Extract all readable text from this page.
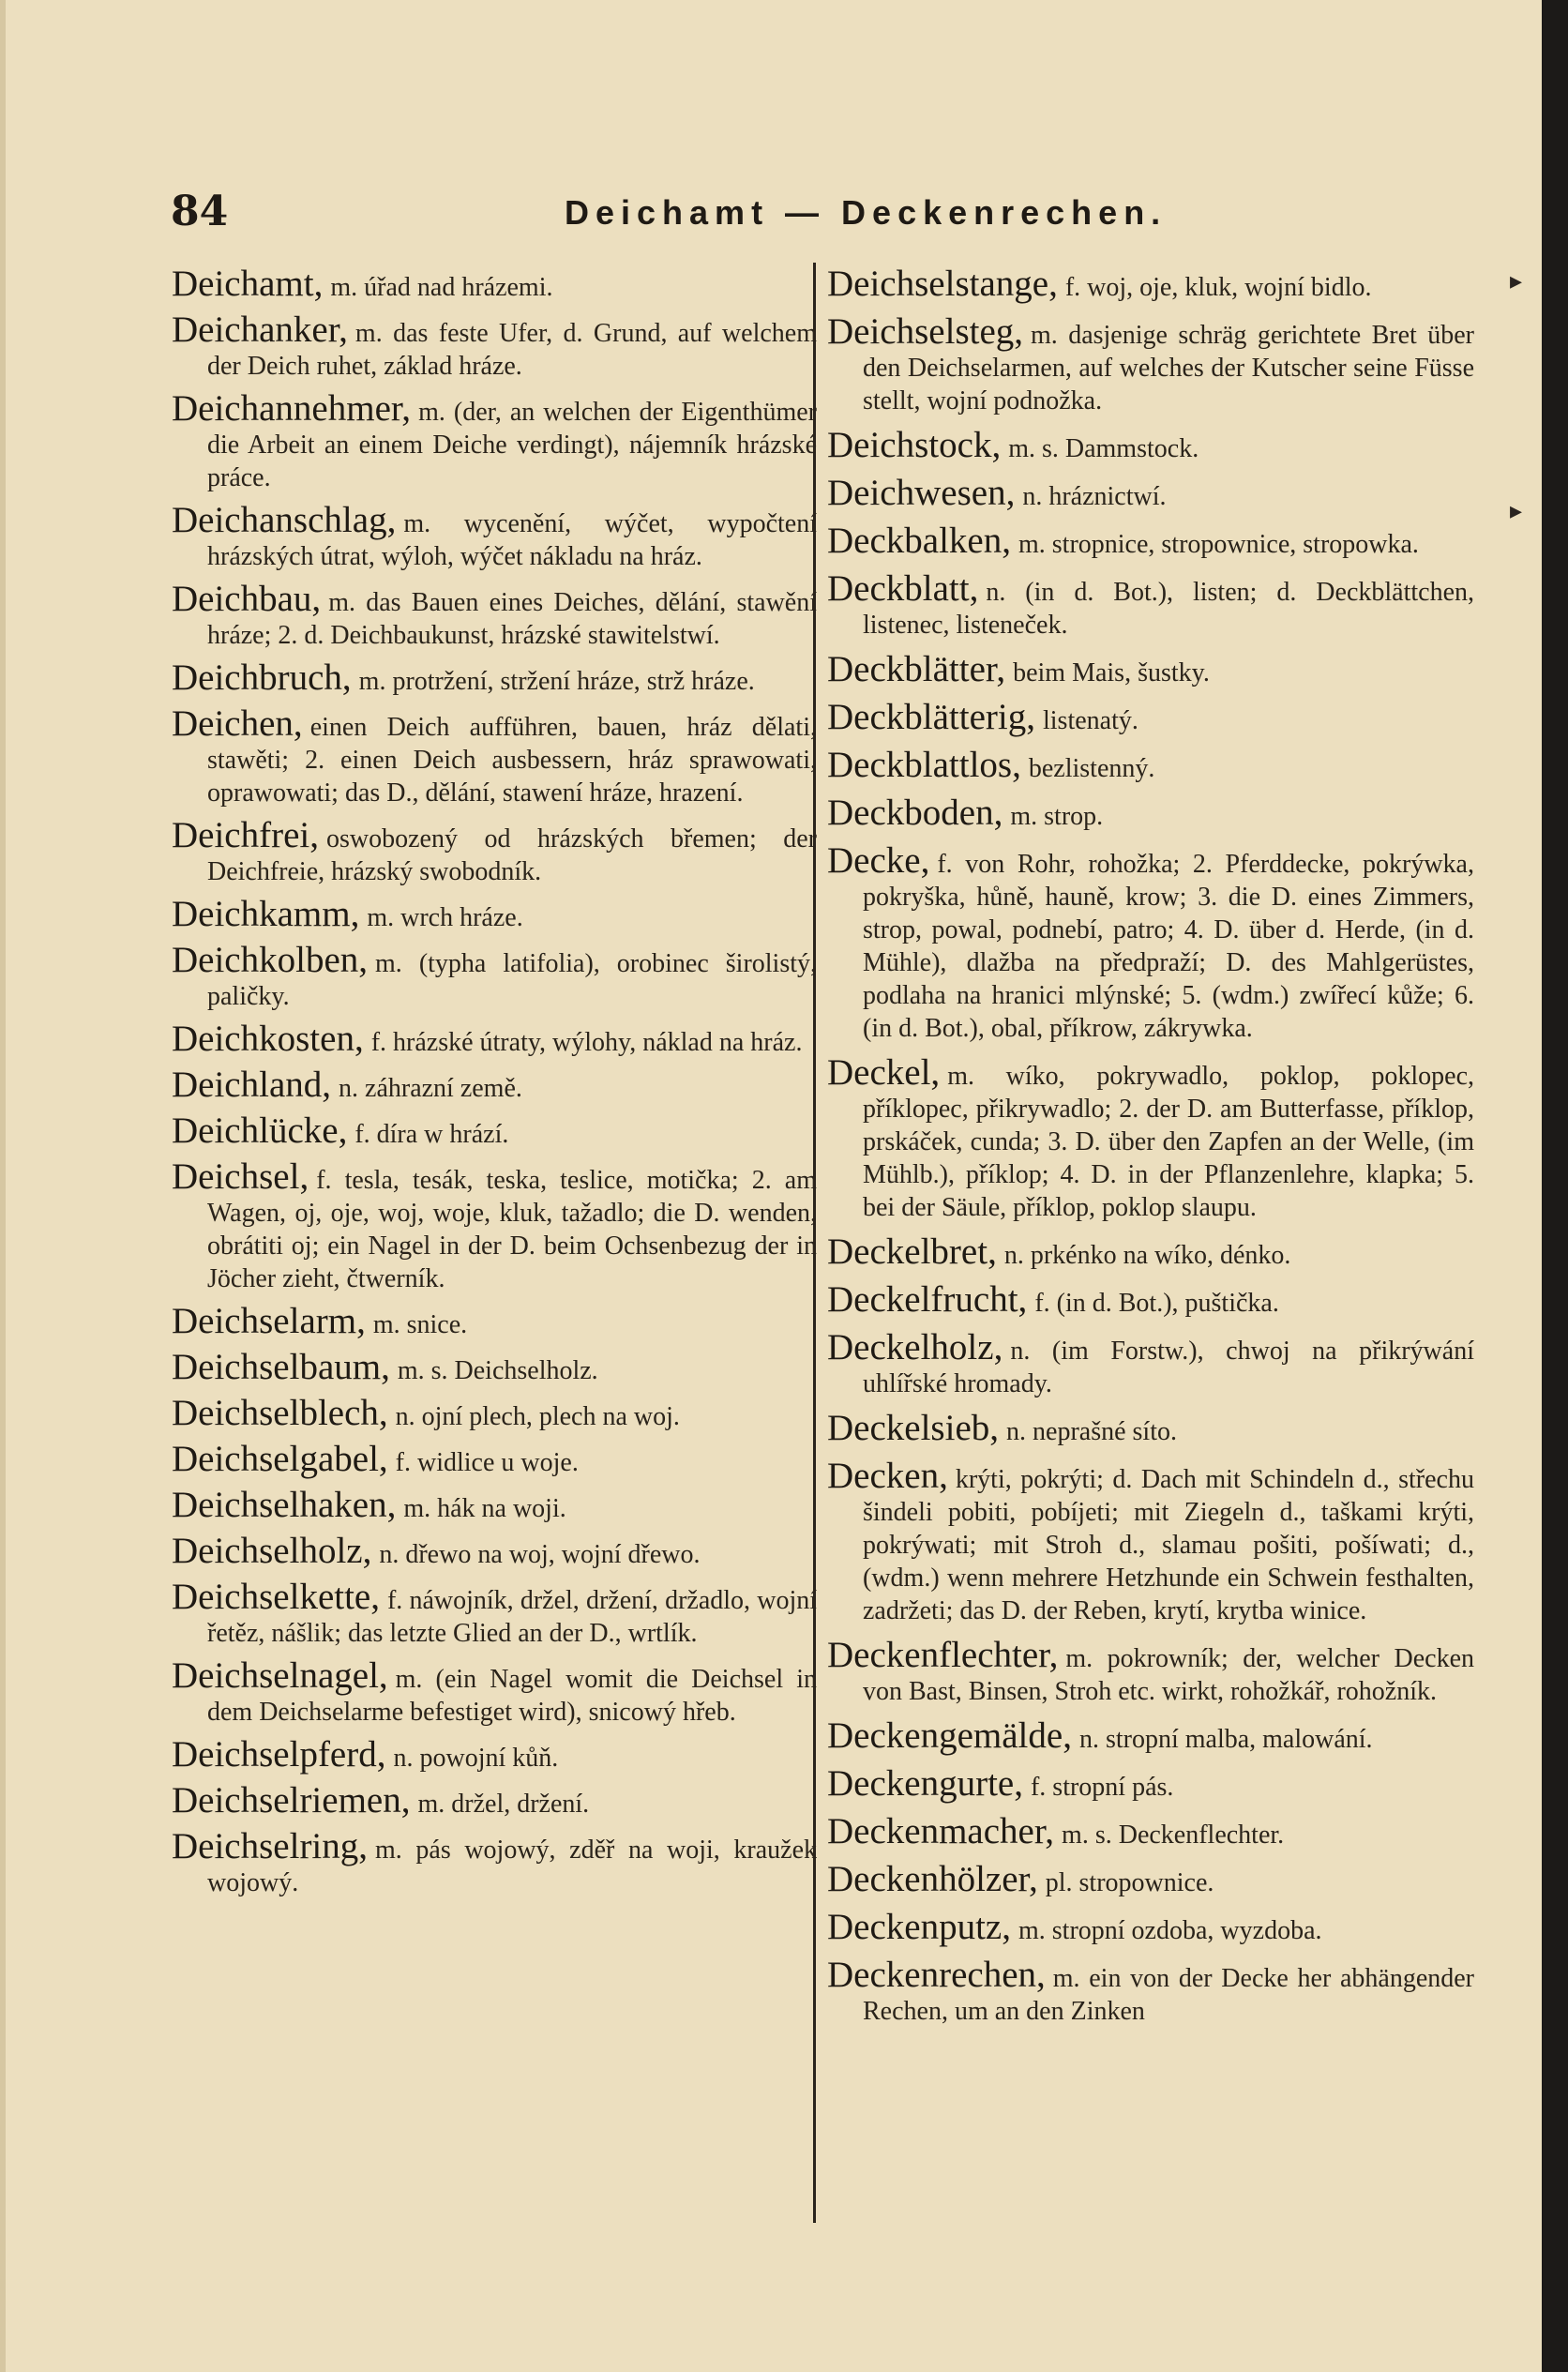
84	Deichamt — Deckenrechen.
Deichamt, m. úřad nad hrázemi.
Deichanker, m. das feste Ufer, d. Grund, auf welchem der Deich ruhet, základ hráze.
Deichannehmer, m. (der, an welchen der Eigenthümer die Arbeit an einem Deiche verdingt), nájemník hrázské práce.
Deichanschlag, m. wycenění, wýčet, wypočtení hrázských útrat, wýloh, wýčet nákladu na hráz.
Deichbau, m. das Bauen eines Deiches, dělání, stawění hráze; 2. d. Deichbaukunst, hrázské stawitelstwí.
Deichbruch, m. protržení, stržení hráze, strž hráze.
Deichen, einen Deich aufführen, bauen, hráz dělati, stawěti; 2. einen Deich ausbessern, hráz sprawowati, oprawowati; das D., dělání, stawení hráze, hrazení.
Deichfrei, oswobozený od hrázských břemen; der Deichfreie, hrázský swobodník.
Deichkamm, m. wrch hráze.
Deichkolben, m. (typha latifolia), orobinec širolistý, paličky.
Deichkosten, f. hrázské útraty, wýlohy, náklad na hráz.
Deichland, n. záhrazní země.
Deichlücke, f. díra w hrází.
Deichsel, f. tesla, tesák, teska, teslice, motička; 2. am Wagen, oj, oje, woj, woje, kluk, tažadlo; die D. wenden, obrátiti oj; ein Nagel in der D. beim Ochsenbezug der in Jöcher zieht, čtwerník.
Deichselarm, m. snice.
Deichselbaum, m. s. Deichselholz.
Deichselblech, n. ojní plech, plech na woj.
Deichselgabel, f. widlice u woje.
Deichselhaken, m. hák na woji.
Deichselholz, n. dřewo na woj, wojní dřewo.
Deichselkette, f. náwojník, držel, držení, držadlo, wojní řetěz, nášlik; das letzte Glied an der D., wrtlík.
Deichselnagel, m. (ein Nagel womit die Deichsel in dem Deichselarme befestiget wird), snicowý hřeb.
Deichselpferd, n. powojní kůň.
Deichselriemen, m. držel, držení.
Deichselring, m. pás wojowý, zděř na woji, kraužek wojowý.
Deichselstange, f. woj, oje, kluk, wojní bidlo.
Deichselsteg, m. dasjenige schräg gerichtete Bret über den Deichselarmen, auf welches der Kutscher seine Füsse stellt, wojní podnožka.
Deichstock, m. s. Dammstock.
Deichwesen, n. hráznictwí.
Deckbalken, m. stropnice, stropownice, stropowka.
Deckblatt, n. (in d. Bot.), listen; d. Deckblättchen, listenec, listeneček.
Deckblätter, beim Mais, šustky.
Deckblätterig, listenatý.
Deckblattlos, bezlistenný.
Deckboden, m. strop.
Decke, f. von Rohr, rohožka; 2. Pferddecke, pokrýwka, pokryška, hůně, hauně, krow; 3. die D. eines Zimmers, strop, powal, podnebí, patro; 4. D. über d. Herde, (in d. Mühle), dlažba na předpraží; D. des Mahlgerüstes, podlaha na hranici mlýnské; 5. (wdm.) zwířecí kůže; 6. (in d. Bot.), obal, příkrow, zákrywka.
Deckel, m. wíko, pokrywadlo, poklop, poklopec, příklopec, přikrywadlo; 2. der D. am Butterfasse, příklop, prskáček, cunda; 3. D. über den Zapfen an der Welle, (im Mühlb.), příklop; 4. D. in der Pflanzenlehre, klapka; 5. bei der Säule, příklop, poklop slaupu.
Deckelbret, n. prkénko na wíko, dénko.
Deckelfrucht, f. (in d. Bot.), puštička.
Deckelholz, n. (im Forstw.), chwoj na přikrýwání uhlířské hromady.
Deckelsieb, n. neprašné síto.
Decken, krýti, pokrýti; d. Dach mit Schindeln d., střechu šindeli pobiti, pobíjeti; mit Ziegeln d., taškami krýti, pokrýwati; mit Stroh d., slamau pošiti, pošíwati; d., (wdm.) wenn mehrere Hetzhunde ein Schwein festhalten, zadržeti; das D. der Reben, krytí, krytba winice.
Deckenflechter, m. pokrowník; der, welcher Decken von Bast, Binsen, Stroh etc. wirkt, rohožkář, rohožník.
Deckengemälde, n. stropní malba, malowání.
Deckengurte, f. stropní pás.
Deckenmacher, m. s. Deckenflechter.
Deckenhölzer, pl. stropownice.
Deckenputz, m. stropní ozdoba, wyzdoba.
Deckenrechen, m. ein von der Decke her abhängender Rechen, um an den Zinken
▸
▸
